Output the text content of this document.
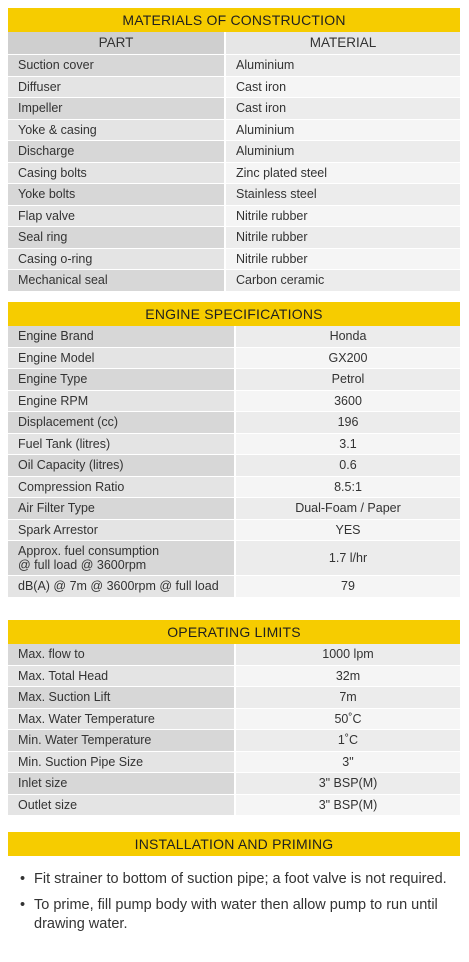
MATERIALS OF CONSTRUCTION
PART	MATERIAL
Suction cover	Aluminium
Diffuser	Cast iron
Impeller	Cast iron
Yoke & casing	Aluminium
Discharge	Aluminium
Casing bolts	Zinc plated steel
Yoke bolts	Stainless steel
Flap valve	Nitrile rubber
Seal ring	Nitrile rubber
Casing o-ring	Nitrile rubber
Mechanical seal	Carbon ceramic
ENGINE SPECIFICATIONS
Engine Brand	Honda
Engine Model	GX200
Engine Type	Petrol
Engine RPM	3600
Displacement (cc)	196
Fuel Tank (litres)	3.1
Oil Capacity (litres)	0.6
Compression Ratio	8.5:1
Air Filter Type	Dual-Foam / Paper
Spark Arrestor	YES

Approx. fuel consumption
@ full load @ 3600rpm	1.7 l/hr
dB(A) @ 7m @ 3600rpm @ full load	79
OPERATING LIMITS
Max. flow to	1000 lpm
Max. Total Head	32m
Max. Suction Lift	7m
Max. Water Temperature	50˚C
Min. Water Temperature	1˚C
Min. Suction Pipe Size	3"
Inlet size	3" BSP(M)
Outlet size	3" BSP(M)
INSTALLATION AND PRIMING
• Fit strainer to bottom of suction pipe; a foot valve is not required.
• To prime, fill pump body with water then allow pump to run until drawing water.
